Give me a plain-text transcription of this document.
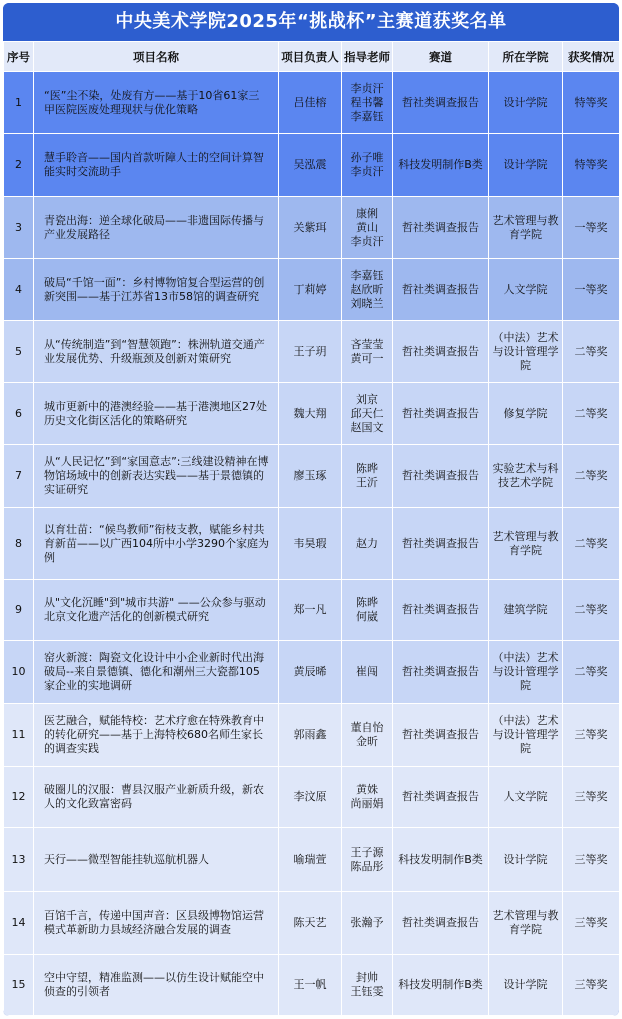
中央美术学院2025年“挑战杯”主赛道获奖名单
序号	项目名称	项目负责人	指导老师	赛道	所在学院	获奖情况
1	“医”尘不染，处废有方——基于10省61家三甲医院医废处理现状与优化策略	吕佳榕	李贞汗
程书馨
李嘉钰	哲社类调查报告	设计学院	特等奖
2	慧手聆音——国内首款听障人士的空间计算智能实时交流助手	吴泓震	孙子唯
李贞汗	科技发明制作B类	设计学院	特等奖
3	青瓷出海：逆全球化破局——非遗国际传播与产业发展路径	关紫珥	康俐
黄山
李贞汗	哲社类调查报告	艺术管理与教育学院	一等奖
4	破局“千馆一面”：乡村博物馆复合型运营的创新突围——基于江苏省13市58馆的调查研究	丁莉婷	李嘉钰
赵欣昕
刘晓兰	哲社类调查报告	人文学院	一等奖
5	从“传统制造”到“智慧领跑”：株洲轨道交通产业发展优势、升级瓶颈及创新对策研究	王子玥	吝莹莹
黄可一	哲社类调查报告	（中法）艺术与设计管理学院	二等奖
6	城市更新中的港澳经验——基于港澳地区27处历史文化街区活化的策略研究	魏大翔	刘京
邱天仁
赵国文	哲社类调查报告	修复学院	二等奖
7	从“人民记忆”到“家国意志”:三线建设精神在博物馆场域中的创新表达实践——基于景德镇的实证研究	廖玉琢	陈晔
王沂	哲社类调查报告	实验艺术与科技艺术学院	二等奖
8	以育壮苗：“候鸟教师”衔枝支教，赋能乡村共育新苗——以广西104所中小学3290个家庭为例	韦昊瑕	赵力	哲社类调查报告	艺术管理与教育学院	二等奖
9	从"文化沉睡"到"城市共游" ——公众参与驱动北京文化遗产活化的创新模式研究	郑一凡	陈晔
何崴	哲社类调查报告	建筑学院	二等奖
10	窑火新渡：陶瓷文化设计中小企业新时代出海破局--来自景德镇、德化和潮州三大瓷都105家企业的实地调研	黄辰晞	崔闯	哲社类调查报告	（中法）艺术与设计管理学院	二等奖
11	医艺融合，赋能特校：艺术疗愈在特殊教育中的转化研究——基于上海特校680名师生家长的调查实践	郭雨鑫	董自怡
金昕	哲社类调查报告	（中法）艺术与设计管理学院	三等奖
12	破圈儿的汉服：曹县汉服产业新质升级，新农人的文化致富密码	李汶原	黄姝
尚丽娟	哲社类调查报告	人文学院	三等奖
13	天行——微型智能挂轨巡航机器人	喻瑞萱	王子源
陈品彤	科技发明制作B类	设计学院	三等奖
14	百馆千言，传递中国声音：区县级博物馆运营模式革新助力县域经济融合发展的调查	陈天艺	张瀚予	哲社类调查报告	艺术管理与教育学院	三等奖
15	空中守望，精准监测——以仿生设计赋能空中侦查的引领者	王一帆	封帅
王钰雯	科技发明制作B类	设计学院	三等奖
